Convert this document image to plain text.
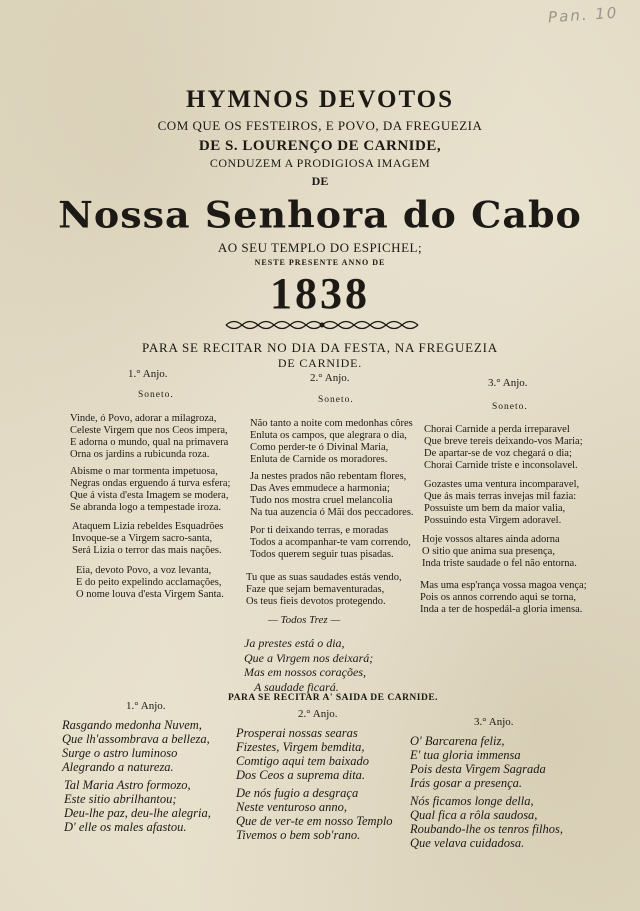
Pan. 10
HYMNOS DEVOTOS
COM QUE OS FESTEIROS, E POVO, DA FREGUEZIA
DE S. LOURENÇO DE CARNIDE,
CONDUZEM A PRODIGIOSA IMAGEM
DE
Nossa Senhora do Cabo
AO SEU TEMPLO DO ESPICHEL;
NESTE PRESENTE ANNO DE
1838
PARA SE RECITAR NO DIA DA FESTA, NA FREGUEZIA
DE CARNIDE.
1.° Anjo.
Soneto.
Vinde, ó Povo, adorar a milagroza,
Celeste Virgem que nos Ceos impera,
E adorna o mundo, qual na primavera
Orna os jardins a rubicunda roza.
Abisme o mar tormenta impetuosa,
Negras ondas erguendo á turva esfera;
Que á vista d'esta Imagem se modera,
Se abranda logo a tempestade iroza.
Ataquem Lizia rebeldes Esquadrões
Invoque-se a Virgem sacro-santa,
Será Lizia o terror das mais nações.
Eia, devoto Povo, a voz levanta,
E do peito expelindo acclamações,
O nome louva d'esta Virgem Santa.
2.° Anjo.
Soneto.
Não tanto a noite com medonhas côres
Enluta os campos, que alegrara o dia,
Como perder-te ó Divinal Maria,
Enluta de Carnide os moradores.
Ja nestes prados não rebentam flores,
Das Aves emmudece a harmonia;
Tudo nos mostra cruel melancolia
Na tua auzencia ó Mãi dos peccadores.
Por ti deixando terras, e moradas
Todos a acompanhar-te vam correndo,
Todos querem seguir tuas pisadas.
Tu que as suas saudades estás vendo,
Faze que sejam bemaventuradas,
Os teus fieis devotos protegendo.
3.° Anjo.
Soneto.
Chorai Carnide a perda irreparavel
Que breve tereis deixando-vos Maria;
De apartar-se de voz chegará o dia;
Chorai Carnide triste e inconsolavel.
Gozastes uma ventura incomparavel,
Que ás mais terras invejas mil fazia:
Possuiste um bem da maior valia,
Possuindo esta Virgem adoravel.
Hoje vossos altares ainda adorna
O sitio que anima sua presença,
Inda triste saudade o fel não entorna.
Mas uma esp'rança vossa magoa vença;
Pois os annos correndo aqui se torna,
Inda a ter de hospedál-a gloria imensa.
— Todos Trez —
Ja prestes está o dia,
Que a Virgem nos deixará;
Mas em nossos corações,
A saudade ficará.
PARA SE RECITAR A' SAIDA DE CARNIDE.
1.° Anjo.
Rasgando medonha Nuvem,
Que lh'assombrava a belleza,
Surge o astro luminoso
Alegrando a natureza.
Tal Maria Astro formozo,
Este sitio abrilhantou;
Deu-lhe paz, deu-lhe alegria,
D' elle os males afastou.
2.° Anjo.
Prosperai nossas searas
Fizestes, Virgem bemdita,
Comtigo aqui tem baixado
Dos Ceos a suprema dita.
De nós fugio a desgraça
Neste venturoso anno,
Que de ver-te em nosso Templo
Tivemos o bem sob'rano.
3.° Anjo.
O' Barcarena feliz,
E' tua gloria immensa
Pois desta Virgem Sagrada
Irás gosar a presença.
Nós ficamos longe della,
Qual fica a rôla saudosa,
Roubando-lhe os tenros filhos,
Que velava cuidadosa.
